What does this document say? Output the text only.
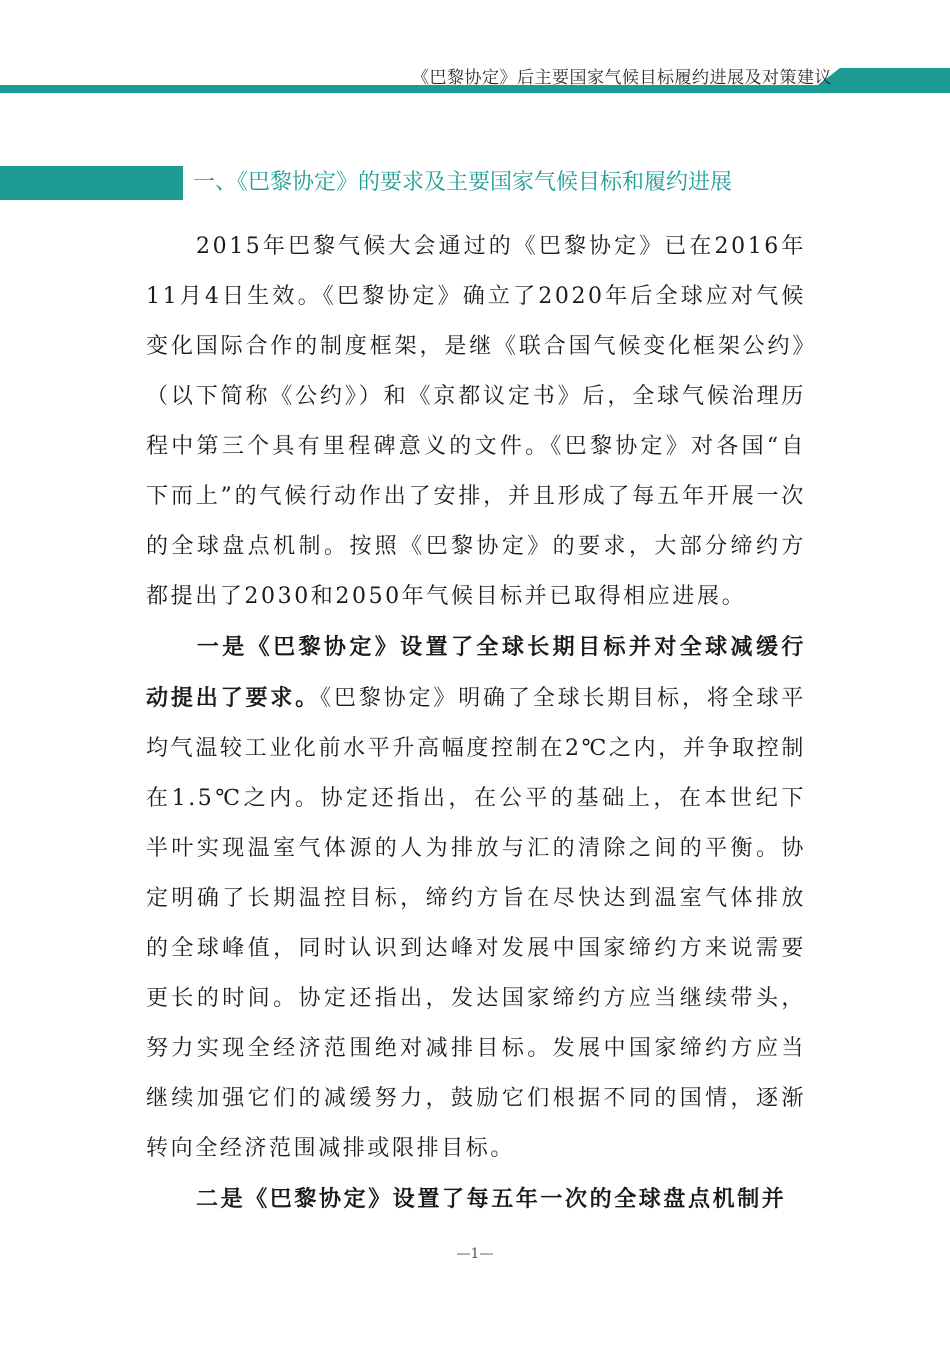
《巴黎协定》后主要国家气候目标履约进展及对策建议
一、《巴黎协定》的要求及主要国家气候目标和履约进展

2015年巴黎气候大会通过的《巴黎协定》已在2016年11月4日生效。《巴黎协定》确立了2020年后全球应对气候变化国际合作的制度框架，是继《联合国气候变化框架公约》（以下简称《公约》）和《京都议定书》后，全球气候治理历程中第三个具有里程碑意义的文件。《巴黎协定》对各国“自下而上”的气候行动作出了安排，并且形成了每五年开展一次的全球盘点机制。按照《巴黎协定》的要求，大部分缔约方都提出了2030和2050年气候目标并已取得相应进展。

一是《巴黎协定》设置了全球长期目标并对全球减缓行动提出了要求。《巴黎协定》明确了全球长期目标，将全球平均气温较工业化前水平升高幅度控制在2℃之内，并争取控制在1.5℃之内。协定还指出，在公平的基础上，在本世纪下半叶实现温室气体源的人为排放与汇的清除之间的平衡。协定明确了长期温控目标，缔约方旨在尽快达到温室气体排放的全球峰值，同时认识到达峰对发展中国家缔约方来说需要更长的时间。协定还指出，发达国家缔约方应当继续带头，努力实现全经济范围绝对减排目标。发展中国家缔约方应当继续加强它们的减缓努力，鼓励它们根据不同的国情，逐渐转向全经济范围减排或限排目标。

二是《巴黎协定》设置了每五年一次的全球盘点机制并

—1—
